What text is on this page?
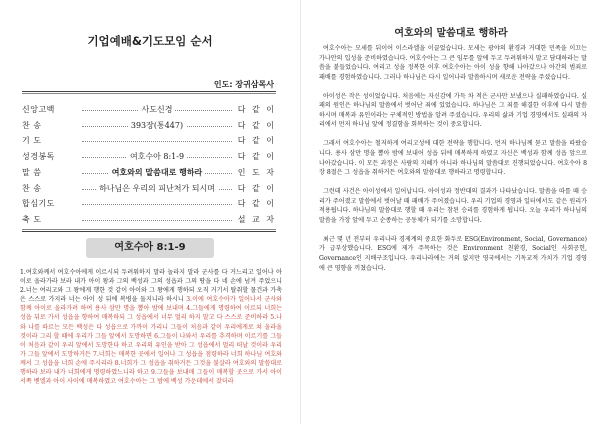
기업예배&기도모임 순서
인도: 장귀삼목사
신앙고백	사도신경	다 같 이
찬 송	393장(통447)	다 같 이
기 도	다 같 이
성경봉독	여호수아 8:1-9	다 같 이
말 씀	여호와의 말씀대로 행하라	인 도 자
찬 송	하나님은 우리의 피난처가 되시며	다 같 이
합심기도	다 같 이
축 도	설 교 자
여호수아 8:1-9
1.여호와께서 여호수아에게 이르시되 두려워하지 말라 놀라지 말라 군사를 다 거느리고 일어나 아이로 올라가라 보라 내가 아이 왕과 그의 백성과 그의 성읍과 그의 땅을 다 네 손에 넘겨 주었으니 2.너는 여리고와 그 왕에게 행한 것 같이 아이와 그 왕에게 행하되 오직 거기서 탈취할 물건과 가축은 스스로 가지라 너는 아이 성 뒤에 복병을 둘지니라 하시니 3.이에 여호수아가 일어나서 군사와 함께 아이로 올라가려 하여 용사 삼만 명을 뽑아 밤에 보내며 4.그들에게 명령하여 이르되 너희는 성읍 뒤로 가서 성읍을 향하여 매복하되 그 성읍에서 너무 멀리 하지 말고 다 스스로 준비하라 5.나와 나를 따르는 모든 백성은 다 성읍으로 가까이 가리니 그들이 처음과 같이 우리에게로 쳐 올라올 것이라 그리 할 때에 우리가 그들 앞에서 도망하면 6.그들이 나와서 우리를 추격하며 이르기를 그들이 처음과 같이 우리 앞에서 도망한다 하고 우리의 유인을 받아 그 성읍에서 멀리 떠날 것이라 우리가 그들 앞에서 도망하거든 7.너희는 매복한 곳에서 일어나 그 성읍을 점령하라 너희 하나님 여호와께서 그 성읍을 너희 손에 주시리라 8.너희가 그 성읍을 취하거든 그것을 불살라 여호와의 말씀대로 행하라 보라 내가 너희에게 명령하였느니라 하고 9.그들을 보내매 그들이 매복할 곳으로 가서 아이 서쪽 벧엘과 아이 사이에 매복하였고 여호수아는 그 밤에 백성 가운데에서 잤더라
여호와의 말씀대로 행하라

여호수아는 모세를 뒤이어 이스라엘을 이끌었습니다. 모세는 광야의 환경과 거대한 민족을 이끄는 가나안의 입성을 준비하였습니다. 여호수아는 그 큰 임무를 앞에 두고 두려워하지 말고 담대하라는 말씀을 붙들었습니다. 여리고 성을 정복한 이후 여호수아는 아이 성을 향해 나아갔으나 아간의 범죄로 패배를 경험하였습니다. 그러나 하나님은 다시 일어나라 말씀하시며 새로운 전략을 주셨습니다.

아이성은 작은 성이었습니다. 처음에는 자신감에 가득 차 적은 군사만 보냈으나 실패하였습니다. 실패의 원인은 하나님의 말씀에서 벗어난 죄에 있었습니다. 하나님은 그 죄를 해결한 이후에 다시 말씀하시며 매복과 유인이라는 구체적인 방법을 알려 주셨습니다. 우리의 삶과 기업 경영에서도 실패의 자리에서 먼저 하나님 앞에 정결함을 회복하는 것이 중요합니다.

그래서 여호수아는 철저하게 여리고성에 대한 전략을 행합니다. 먼저 하나님께 묻고 말씀을 따랐습니다. 용사 삼만 명을 뽑아 밤에 보내어 성읍 뒤에 매복하게 하였고 자신은 백성과 함께 성읍 앞으로 나아갔습니다. 이 모든 과정은 사람의 지혜가 아니라 하나님의 말씀대로 진행되었습니다. 여호수아 8장 8절은 그 성읍을 취하거든 여호와의 말씀대로 행하라고 명령합니다.

그런데 사건은 아이성에서 일어납니다. 아이성과 정반대의 결과가 나타났습니다. 말씀을 따를 때 승리가 주어졌고 말씀에서 벗어날 때 패배가 주어졌습니다. 우리 기업의 경영과 일터에서도 같은 원리가 적용됩니다. 하나님의 말씀대로 행할 때 우리는 참된 승리를 경험하게 됩니다. 오늘 우리가 하나님의 말씀을 가장 앞에 두고 순종하는 공동체가 되기를 소망합니다.

최근 몇 년 전부터 우리나라 경제계의 중요한 화두로 ESG(Environment, Social, Governance)가 급부상했습니다. ESG에 제가 주목하는 것은 Environment 친환경, Social인 사회공헌, Governance인 지배구조입니다. 우리나라에는 거의 없지만 영국에서는 기독교적 가치가 기업 경영에 큰 영향을 끼쳤습니다.
